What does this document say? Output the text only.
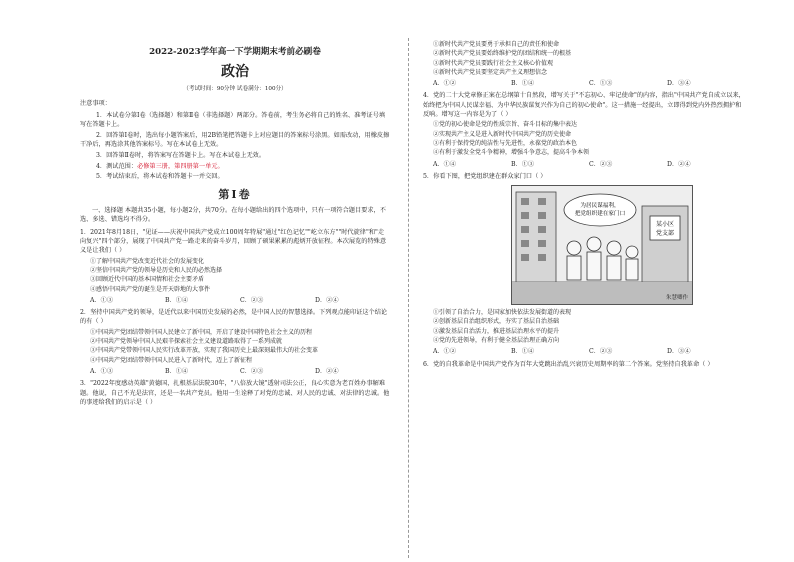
2022-2023学年高一下学期期末考前必刷卷
政治
（考试时间：90分钟 试卷满分：100分）
注意事项：

1．本试卷分第Ⅰ卷（选择题）和第Ⅱ卷（非选择题）两部分。答卷前，考生务必将自己的姓名、准考证号填写在答题卡上。

2．回答第Ⅰ卷时，选出每小题答案后，用2B铅笔把答题卡上对应题目的答案标号涂黑。如需改动，用橡皮擦干净后，再选涂其他答案标号。写在本试卷上无效。

3．回答第Ⅱ卷时，将答案写在答题卡上。写在本试卷上无效。

4．测试范围：必修第三册，第四册第一单元。

5．考试结束后，将本试卷和答题卡一并交回。

第Ⅰ卷
一、选择题 本题共35小题，每小题2分，共70分。在每小题给出的四个选项中，只有一项符合题目要求，不选、多选、错选均不得分。
1．2021年8月18日，"见证——庆祝中国共产党成立100周年特展"通过"红色记忆""屹立东方""时代旋律"和"走向复兴"四个部分，展现了中国共产党一路走来的奋斗岁月，回顾了硕果累累的彪炳开放征程。本次展览的特殊意义是让我们（ ）
①了解中国共产党改变近代社会的发展变化
②坚信中国共产党的领导是历史和人民的必然选择
③回顾近代中国的基本国情和社会主要矛盾
④感悟中国共产党的诞生是开天辟地的大事件
A．①③	B．①④	C．②③	D．②④
2．坚持中国共产党的领导，是近代以来中国历史发展的必然，是中国人民的智慧选择。下列观点能印证这个结论的有（ ）
①中国共产党团结带领中国人民建立了新中国，开启了建设中国特色社会主义的历程
②中国共产党领导中国人民艰辛探索社会主义建设道路取得了一系列成就
③中国共产党带领中国人民实行改革开放，实现了我国历史上最深刻最伟大的社会变革
④中国共产党团结带领中国人民进入了新时代，迈上了新征程
A．①③	B．①④	C．②③	D．②④
3．"2022年度感动英雄"黄德国，扎根基层法院30年，"八倍放大镜"透射司法公正，良心实意为老百姓办事解难题。他说，自己不光是法官，还是一名共产党员。他用一生诠释了对党的忠诚、对人民的忠诚、对法律的忠诚。他的事迹给我们的启示是（ ）
①新时代共产党员要勇于承担自己的责任和使命
②新时代共产党员要始终维护党的团结和统一的根基
③新时代共产党员要践行社会主义核心价值观
④新时代共产党员要坚定共产主义理想信念
A．①②	B．①④	C．①③	D．③④
4．党的二十大党章修正案在总纲第十自然段，增写关于"不忘初心、牢记使命"的内容，指出"中国共产党自成立以来，始终把为中国人民谋幸福、为中华民族谋复兴作为自己的初心使命"。这一措施一经提出，立即得到党内外热烈拥护和反响。增写这一内容是为了（ ）
①党的初心使命是党的性质宗旨、奋斗目标的集中表达
②实现共产主义是进入新时代中国共产党的历史使命
③有利于保持党的纯洁性与先进性，永葆党的政治本色
④有利于激发全党斗争精神，增强斗争意志，提高斗争本领
A．①④	B．①③	C．②③	D．②④
5．你看下图，把党组织建在群众家门口（ ）
某小区
党支部
为居民谋福利，
把党组织建在家门口
朱慧卿作
①引领了自治合力，是国家加快依法发展街道的表现
②创新基层自治组织形式，夯实了基层自治基础
③激发基层自治活力，推进基层治理水平的提升
④党的先进领导，有利于健全基层治理正确方向
A．①②	B．①④	C．②③	D．③④
6．党的自我革命是中国共产党作为百年大党跳出治乱兴衰历史周期率的第二个答案。党坚持自我革命（ ）
